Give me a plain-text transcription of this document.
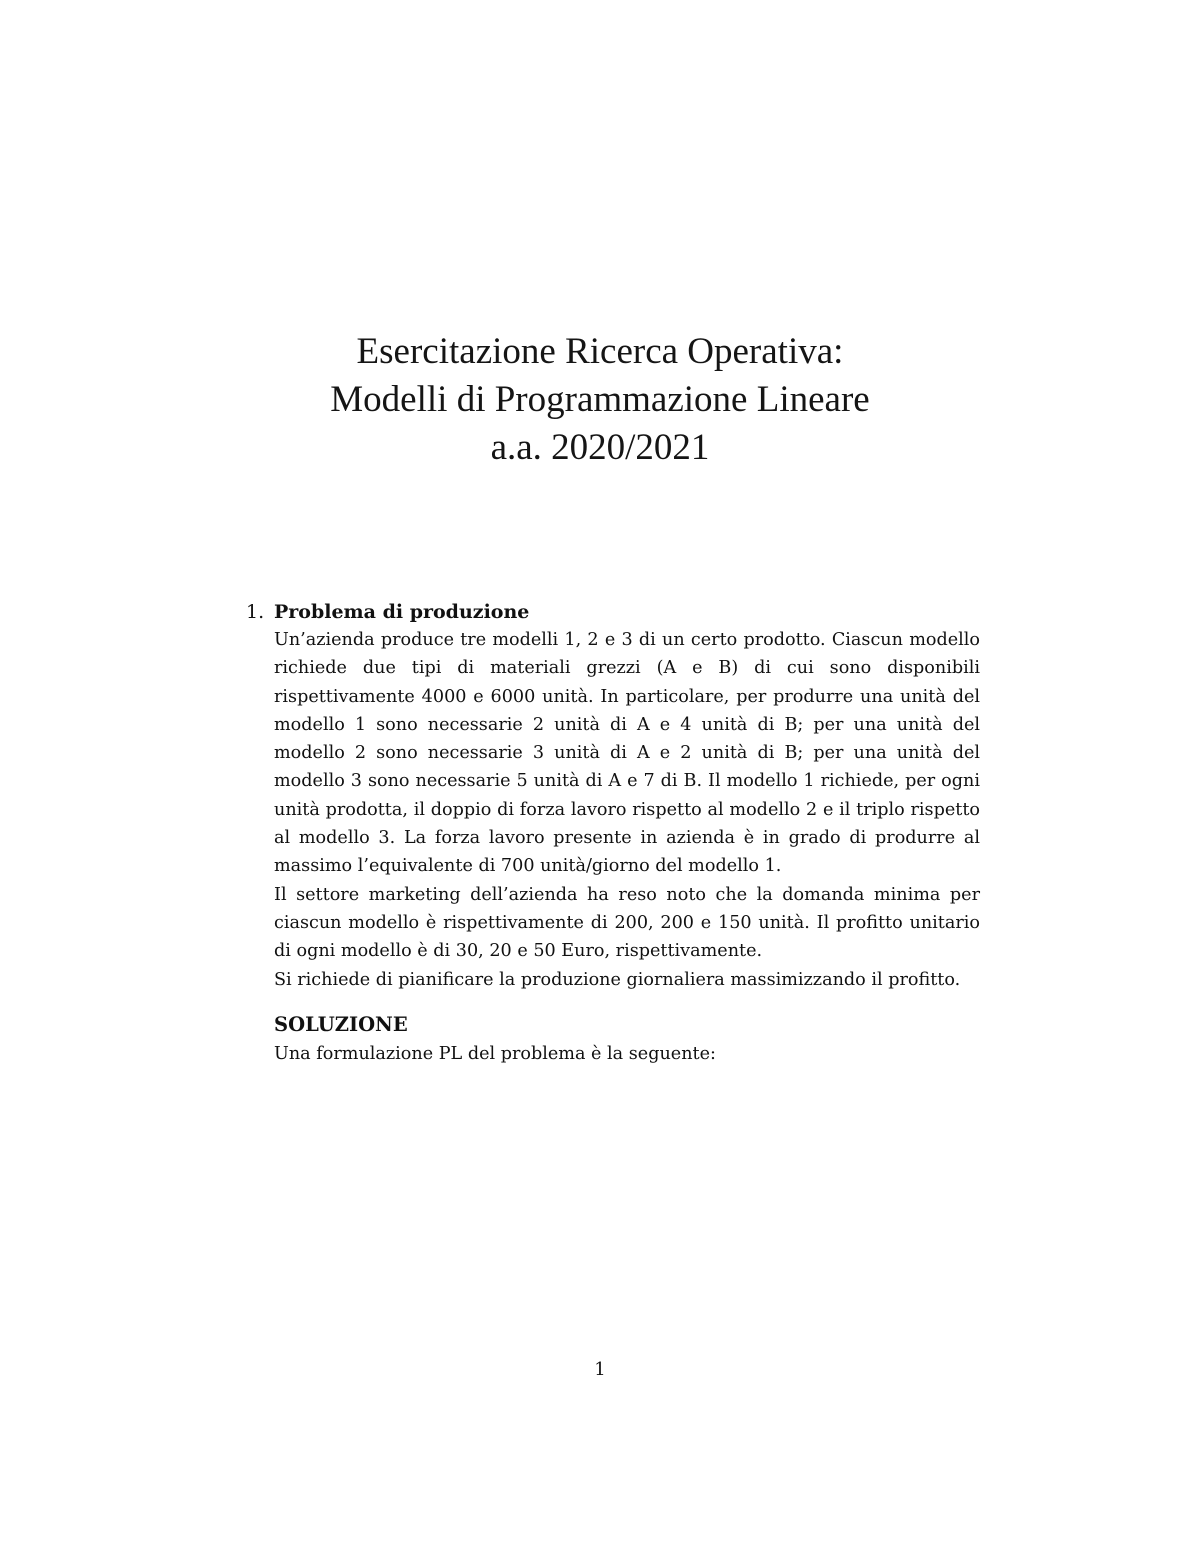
Esercitazione Ricerca Operativa:
Modelli di Programmazione Lineare
a.a. 2020/2021
1. Problema di produzione
Un’azienda produce tre modelli 1, 2 e 3 di un certo prodotto. Ciascun modello richiede due tipi di materiali grezzi (A e B) di cui sono disponibili rispettivamente 4000 e 6000 unità. In particolare, per produrre una unità del modello 1 sono necessarie 2 unità di A e 4 unità di B; per una unità del modello 2 sono necessarie 3 unità di A e 2 unità di B; per una unità del modello 3 sono necessarie 5 unità di A e 7 di B. Il modello 1 richiede, per ogni unità prodotta, il doppio di forza lavoro rispetto al modello 2 e il triplo rispetto al modello 3. La forza lavoro presente in azienda è in grado di produrre al massimo l’equivalente di 700 unità/giorno del modello 1.
Il settore marketing dell’azienda ha reso noto che la domanda minima per ciascun modello è rispettivamente di 200, 200 e 150 unità. Il profitto unitario di ogni modello è di 30, 20 e 50 Euro, rispettivamente.
Si richiede di pianificare la produzione giornaliera massimizzando il profitto.
SOLUZIONE
Una formulazione PL del problema è la seguente:
1
